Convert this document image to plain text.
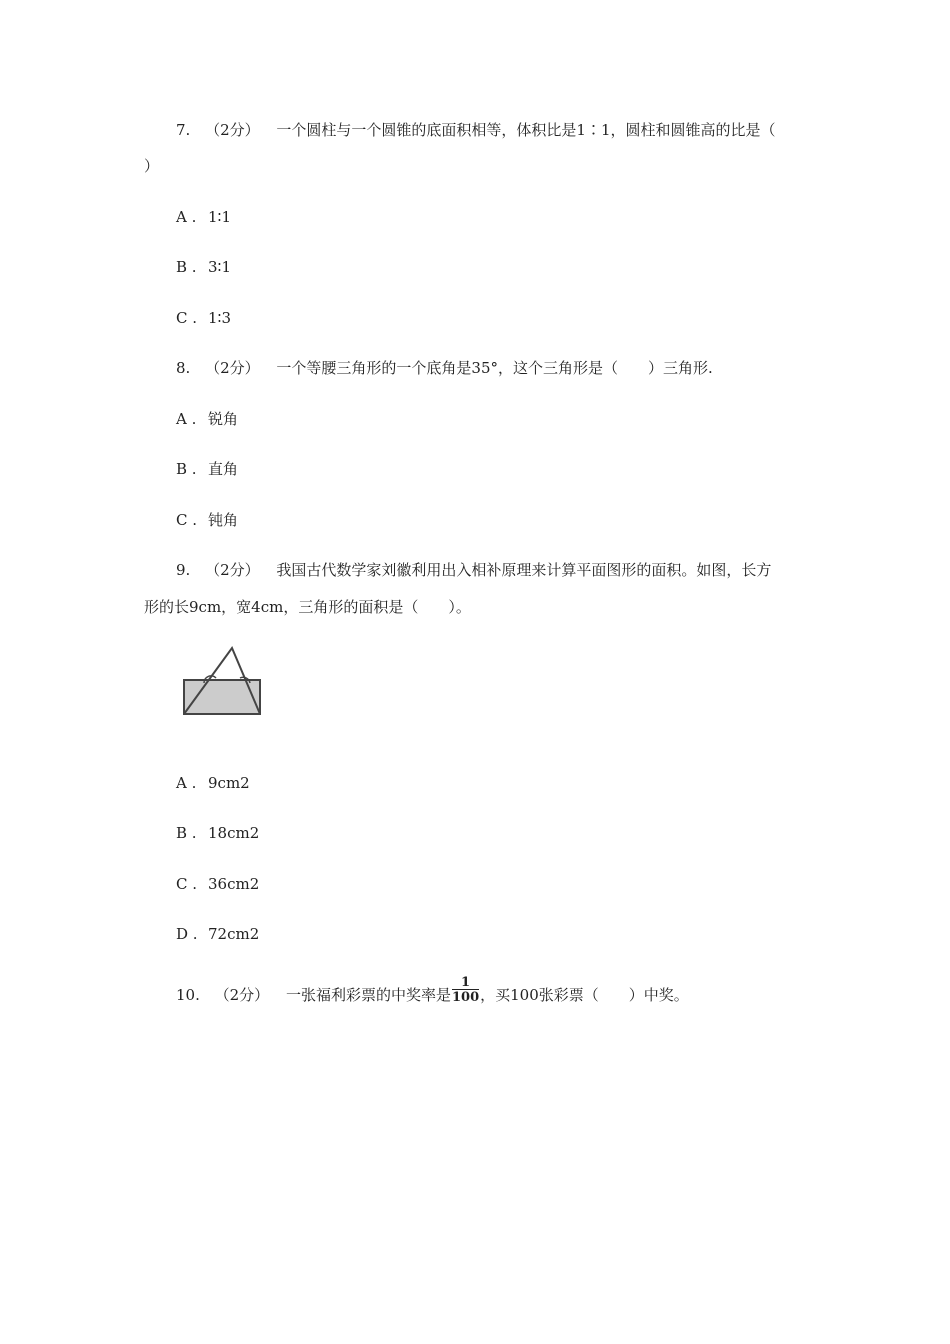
7. （2分） 一个圆柱与一个圆锥的底面积相等，体积比是1∶1，圆柱和圆锥高的比是（
）
A . 1∶1
B . 3∶1
C . 1∶3
8. （2分） 一个等腰三角形的一个底角是35°，这个三角形是（　　）三角形.
A . 锐角
B . 直角
C . 钝角
9. （2分） 我国古代数学家刘徽利用出入相补原理来计算平面图形的面积。如图，长方
形的长9cm，宽4cm，三角形的面积是（　　）。
A . 9cm2
B . 18cm2
C . 36cm2
D . 72cm2
10. （2分） 一张福利彩票的中奖率是 $\frac{1}{100}$ ，买100张彩票（　　）中奖。
